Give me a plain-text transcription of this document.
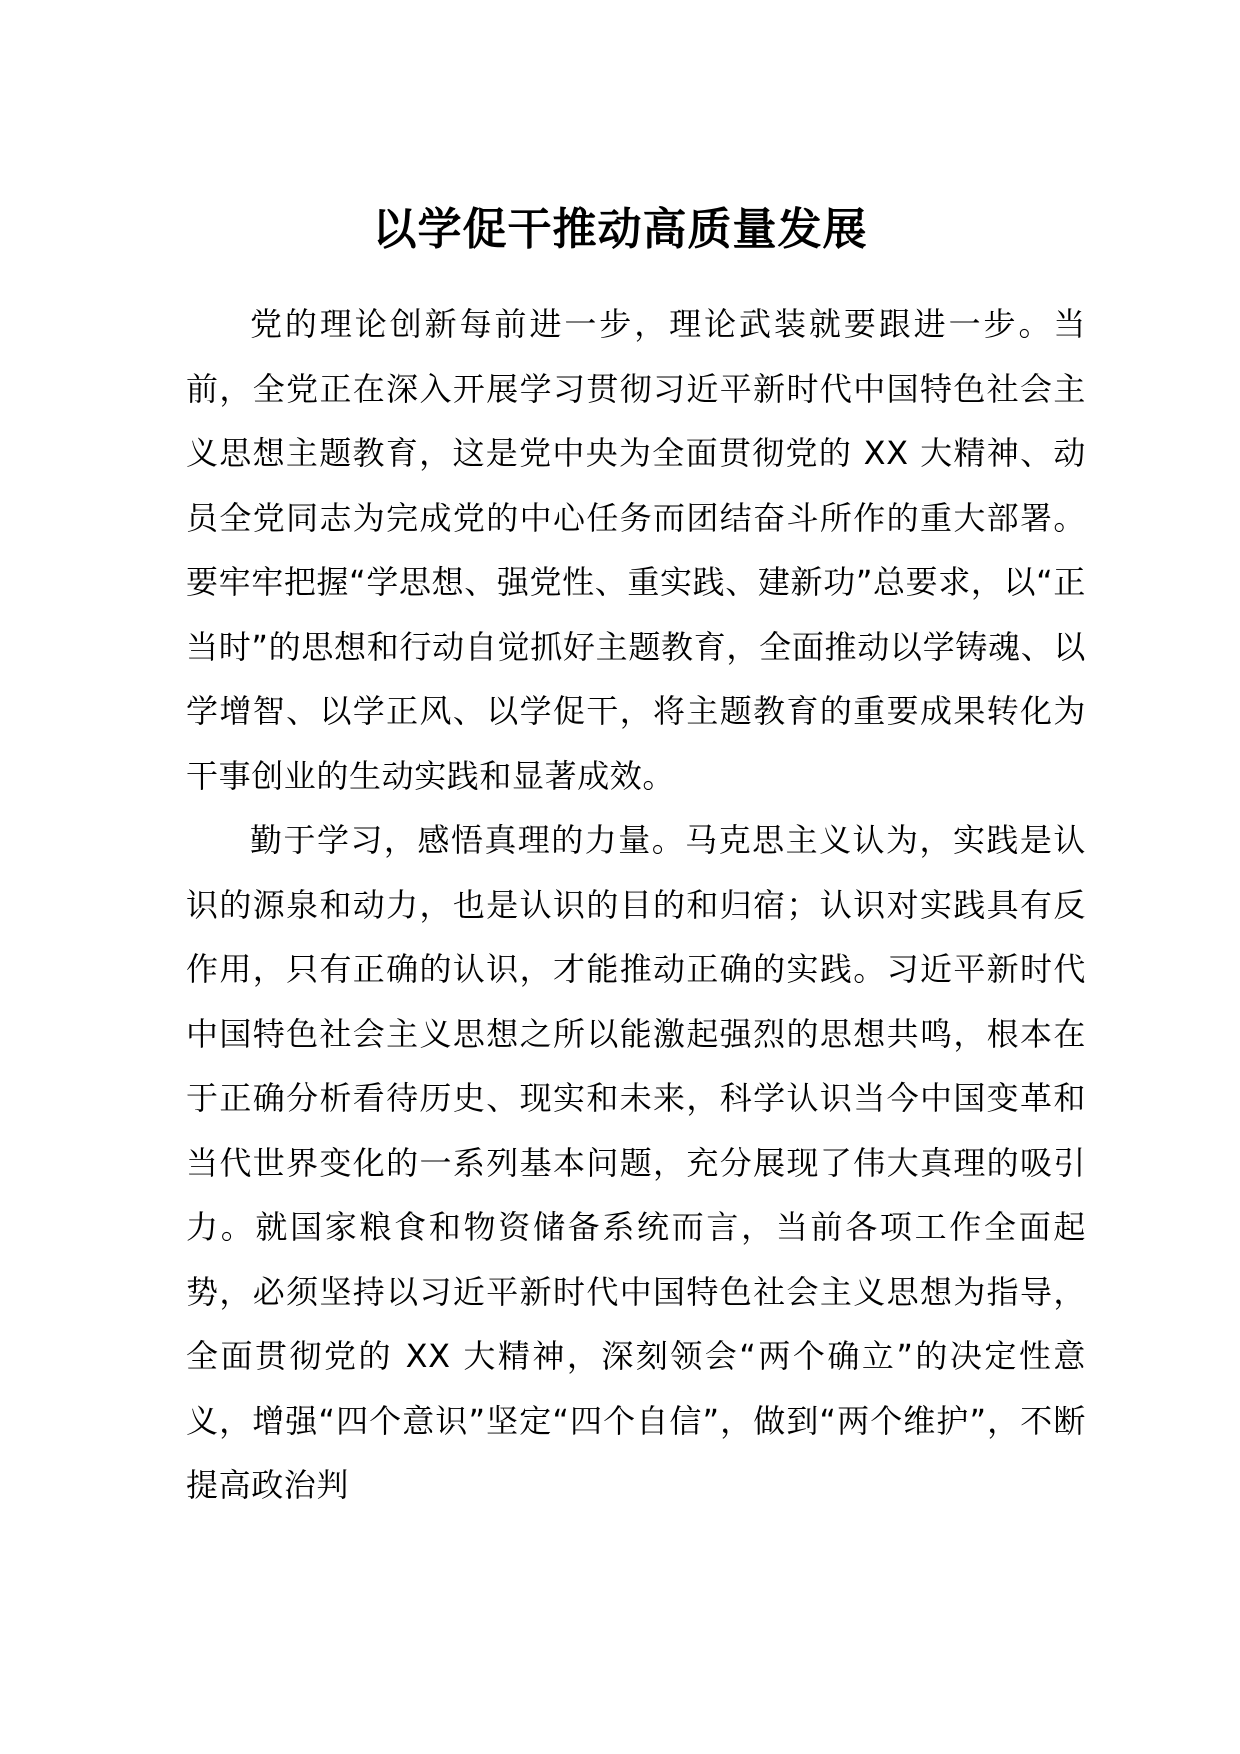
以学促干推动高质量发展

党的理论创新每前进一步，理论武装就要跟进一步。当前，全党正在深入开展学习贯彻习近平新时代中国特色社会主义思想主题教育，这是党中央为全面贯彻党的 XX 大精神、动员全党同志为完成党的中心任务而团结奋斗所作的重大部署。要牢牢把握“学思想、强党性、重实践、建新功”总要求，以“正当时”的思想和行动自觉抓好主题教育，全面推动以学铸魂、以学增智、以学正风、以学促干，将主题教育的重要成果转化为干事创业的生动实践和显著成效。

勤于学习，感悟真理的力量。马克思主义认为，实践是认识的源泉和动力，也是认识的目的和归宿；认识对实践具有反作用，只有正确的认识，才能推动正确的实践。习近平新时代中国特色社会主义思想之所以能激起强烈的思想共鸣，根本在于正确分析看待历史、现实和未来，科学认识当今中国变革和当代世界变化的一系列基本问题，充分展现了伟大真理的吸引力。就国家粮食和物资储备系统而言，当前各项工作全面起势，必须坚持以习近平新时代中国特色社会主义思想为指导，全面贯彻党的 XX 大精神，深刻领会“两个确立”的决定性意义，增强“四个意识”坚定“四个自信”，做到“两个维护”，不断提高政治判
